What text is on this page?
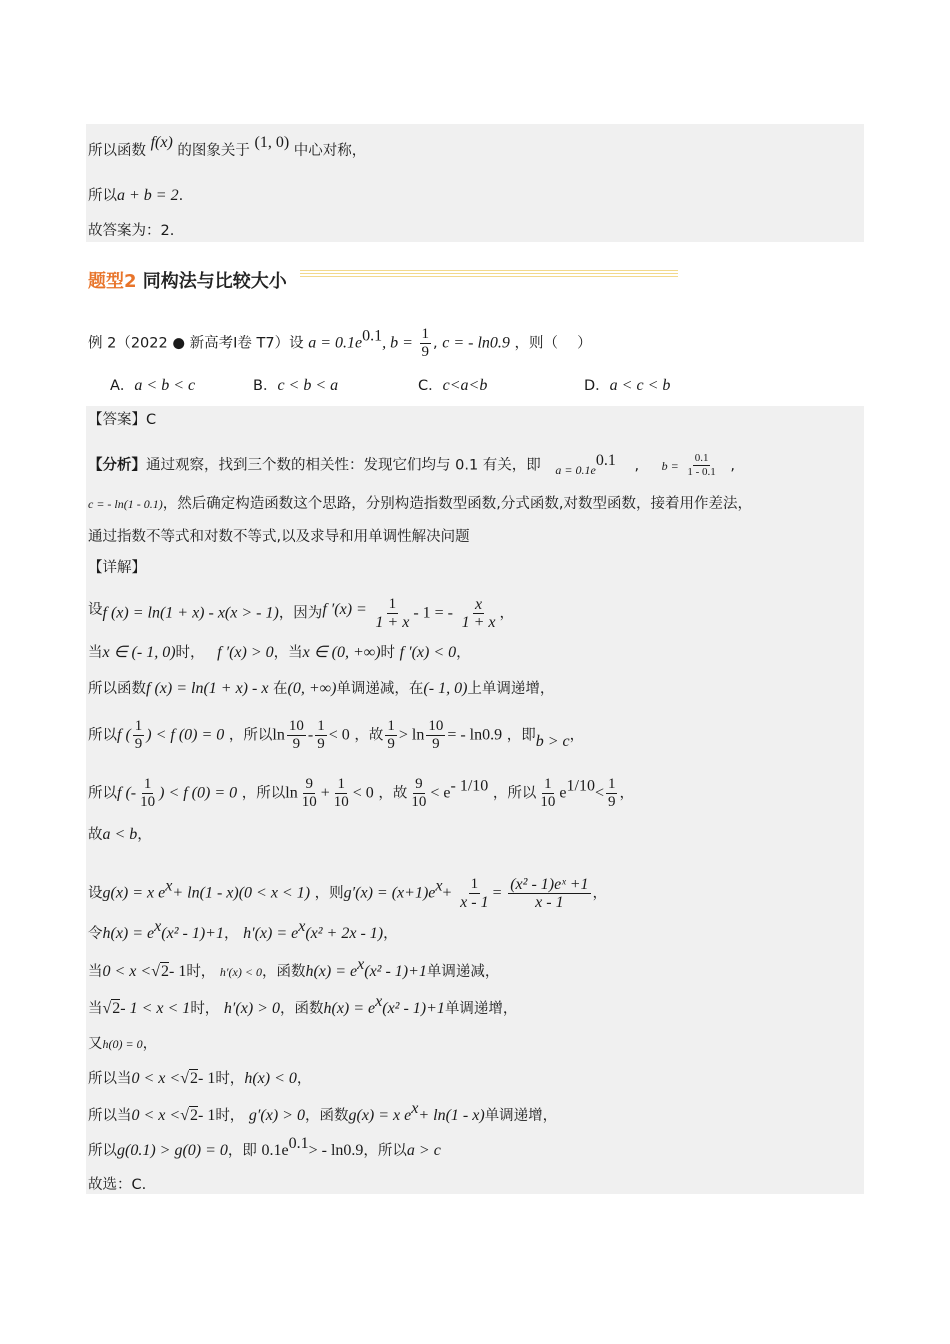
所以函数 f(x) 的图象关于 (1, 0) 中心对称，
所以a + b = 2.
故答案为：2.
题型2 同构法与比较大小
例 2（2022 ● 新高考Ⅰ卷 T7）设 $a = 0.1e^{0.1}$, $b = \frac{1}{9}$ , c = - ln0.9 ，则（　 ）
A．a < b < c	B．c < b < a	C．c<a<b	D．a < c < b
【答案】C
【分析】通过观察，找到三个数的相关性：发现它们均与 0.1 有关，即 $_{a = 0.1e}^{0.1}$ , $b = \frac{0.1}{1 - 0.1}$ ,
c = - ln(1 - 0.1)，然后确定构造函数这个思路，分别构造指数型函数,分式函数,对数型函数，接着用作差法，
通过指数不等式和对数不等式,以及求导和用单调性解决问题
【详解】
设f (x) = ln(1 + x) - x(x > - 1)，因为f $'(x) = \frac{1}{1 + x} - 1$ = - $\frac{x}{1 + x}$ ，
当x ∈ (- 1, 0)时， f ′(x) > 0，当x ∈ (0, +∞)时 f ′(x) < 0，
所以函数f (x) = ln(1 + x) - x 在(0, +∞)单调递减，在(- 1, 0)上单调递增，
所以f ( $\frac{1}{9}$ ) < f (0) = 0 ，所以$\ln \frac{10}{9} - \frac{1}{9} < 0$ ，故 $\frac{1}{9} > \ln \frac{10}{9}$ = - ln0.9 ，即b > c，
所以f (- $\frac{1}{10}$ ) < f (0) = 0 ，所以$\ln \frac{9}{10} + \frac{1}{10} < 0$ ，故 $\frac{9}{10} < e^{- 1/10}$ ，所以 $\frac{1}{10} e^{1/10}< \frac{1}{9}$ ，
故a < b，
设g(x) = x $e^x+ \ln(1 - x)(0 < x < 1)$ ，则$g'(x) = (x+1)e^x+ \frac{1}{x - 1} = \frac{\text{(x² - 1)eˣ +1}}{x - 1}$ ，
令$h(x) = e^x(x^2 - 1)+1$， $h'(x) = e^x(x^2 + 2x - 1)$，
当0 < x <√2- 1时， h′(x) < 0，函数$h(x) = e^x(x^2 - 1)+1$单调递减，
当√2- 1 < x < 1时， h′(x) > 0，函数$h(x) = e^x(x^2 - 1)+1$单调递增，
又h(0) = 0，
所以当0 < x <√2- 1时，h(x) < 0，
所以当0 < x <√2- 1时， g′(x) > 0，函数g(x) = x $e^x+ \ln(1 - x)$单调递增，
所以g(0.1) > g(0) = 0，即 $0.1e^{0.1}> - \ln 0.9$，所以a > c
故选：C.
